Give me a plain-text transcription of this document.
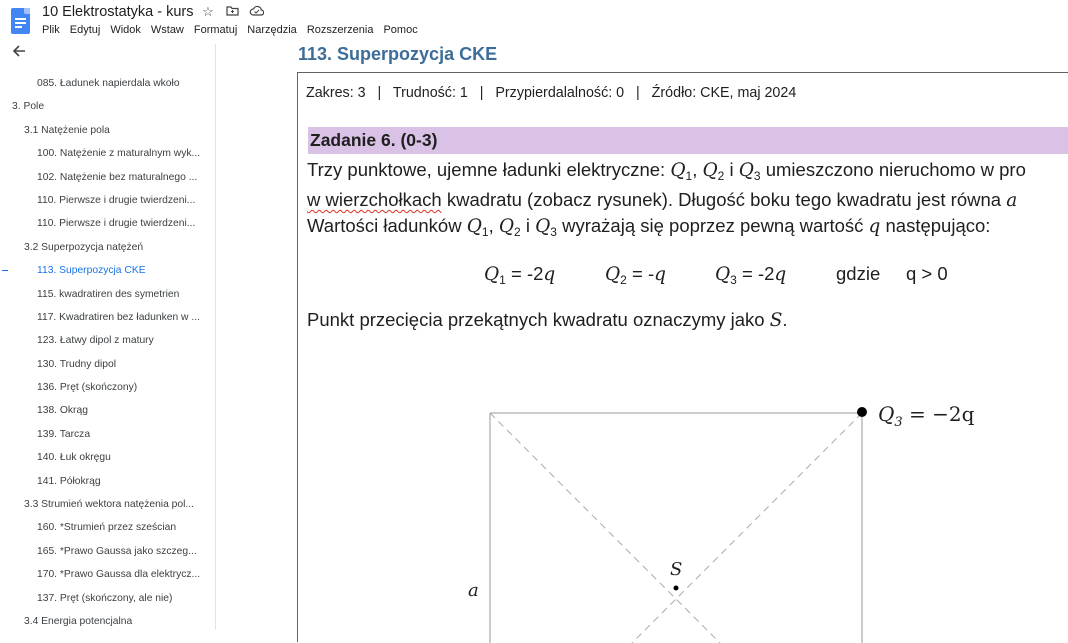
10 Elektrostatyka - kurs ☆
Plik Edytuj Widok Wstaw Formatuj Narzędzia Rozszerzenia Pomoc
085. Ładunek napierdala wkoło
3. Pole
3.1 Natężenie pola
100. Natężenie z maturalnym wyk...
102. Natężenie bez maturalnego ...
110. Pierwsze i drugie twierdzeni...
110. Pierwsze i drugie twierdzeni...
3.2 Superpozycja natężeń
113. Superpozycja CKE
115. kwadratiren des symetrien
117. Kwadratiren bez ładunken w ...
123. Łatwy dipol z matury
130. Trudny dipol
136. Pręt (skończony)
138. Okrąg
139. Tarcza
140. Łuk okręgu
141. Półokrąg
3.3 Strumień wektora natężenia pol...
160. *Strumień przez sześcian
165. *Prawo Gaussa jako szczeg...
170. *Prawo Gaussa dla elektrycz...
137. Pręt (skończony, ale nie)
3.4 Energia potencjalna
113. Superpozycja CKE
Zakres: 3   |   Trudność: 1   |   Przypierdalalność: 0   |   Źródło: CKE, maj 2024
Zadanie 6. (0-3)
Trzy punktowe, ujemne ładunki elektryczne: $Q_1$, $Q_2$ i $Q_3$ umieszczono nieruchomo w pro
w wierzchołkach kwadratu (zobacz rysunek). Długość boku tego kwadratu jest równa a
Wartości ładunków $Q_1$, $Q_2$ i $Q_3$ wyrażają się poprzez pewną wartość q następująco:
$Q_1 = -2q$	$Q_2 = -q$	$Q_3 = -2q$	gdzie q > 0
Punkt przecięcia przekątnych kwadratu oznaczymy jako S.
$Q_3 = -2q$
S
a
